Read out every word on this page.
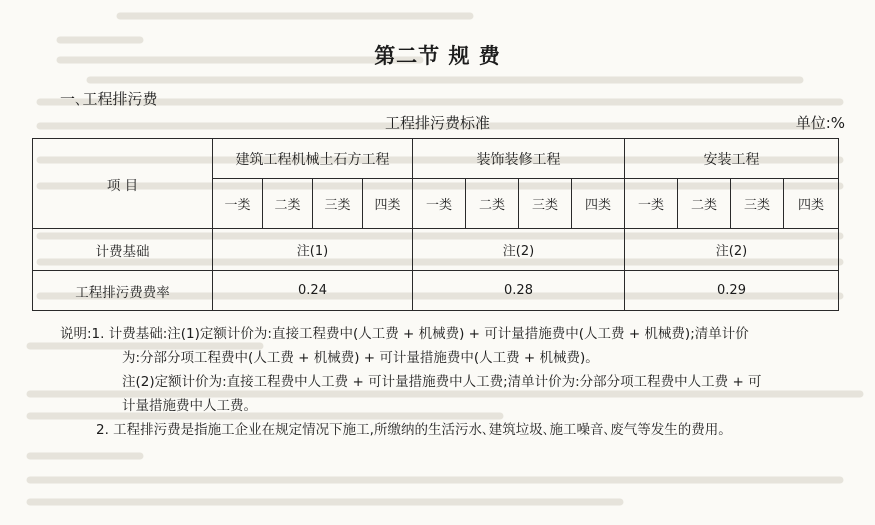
第二节 规 费
一､工程排污费
工程排污费标准	单位:%
项 目	建筑工程机械土石方工程				装饰装修工程				安装工程			
	一类	二类	三类	四类	一类	二类	三类	四类	一类	二类	三类	四类
计费基础	注(1)				注(2)				注(2)			
工程排污费费率	0.24				0.28				0.29			

说明:1. 计费基础:注(1)定额计价为:直接工程费中(人工费 + 机械费) + 可计量措施费中(人工费 + 机械费);清单计价

为:分部分项工程费中(人工费 + 机械费) + 可计量措施费中(人工费 + 机械费)｡

注(2)定额计价为:直接工程费中人工费 + 可计量措施费中人工费;清单计价为:分部分项工程费中人工费 + 可

计量措施费中人工费｡

2. 工程排污费是指施工企业在规定情况下施工,所缴纳的生活污水､建筑垃圾､施工噪音､废气等发生的费用｡
